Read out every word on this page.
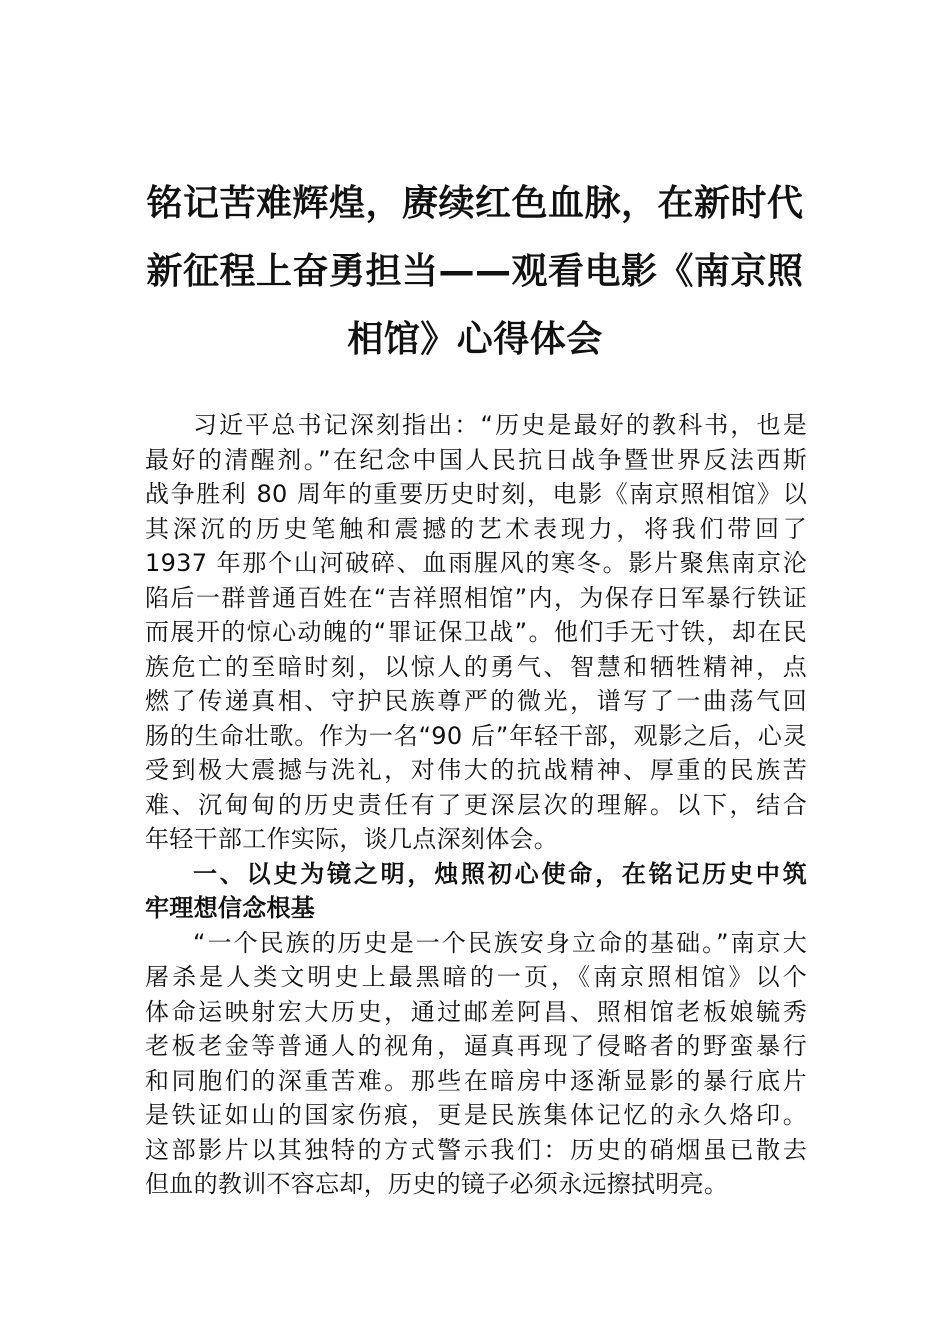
铭记苦难辉煌，赓续红色血脉，在新时代
新征程上奋勇担当——观看电影《南京照
相馆》心得体会
习近平总书记深刻指出：“历史是最好的教科书，也是
最好的清醒剂。”在纪念中国人民抗日战争暨世界反法西斯
战争胜利 80 周年的重要历史时刻，电影《南京照相馆》以
其深沉的历史笔触和震撼的艺术表现力，将我们带回了
1937 年那个山河破碎、血雨腥风的寒冬。影片聚焦南京沦
陷后一群普通百姓在“吉祥照相馆”内，为保存日军暴行铁证
而展开的惊心动魄的“罪证保卫战”。他们手无寸铁，却在民
族危亡的至暗时刻，以惊人的勇气、智慧和牺牲精神，点
燃了传递真相、守护民族尊严的微光，谱写了一曲荡气回
肠的生命壮歌。作为一名“90 后”年轻干部，观影之后，心灵
受到极大震撼与洗礼，对伟大的抗战精神、厚重的民族苦
难、沉甸甸的历史责任有了更深层次的理解。以下，结合
年轻干部工作实际，谈几点深刻体会。
一、以史为镜之明，烛照初心使命，在铭记历史中筑
牢理想信念根基
“一个民族的历史是一个民族安身立命的基础。”南京大
屠杀是人类文明史上最黑暗的一页，《南京照相馆》以个
体命运映射宏大历史，通过邮差阿昌、照相馆老板娘毓秀
老板老金等普通人的视角，逼真再现了侵略者的野蛮暴行
和同胞们的深重苦难。那些在暗房中逐渐显影的暴行底片
是铁证如山的国家伤痕，更是民族集体记忆的永久烙印。
这部影片以其独特的方式警示我们：历史的硝烟虽已散去
但血的教训不容忘却，历史的镜子必须永远擦拭明亮。
